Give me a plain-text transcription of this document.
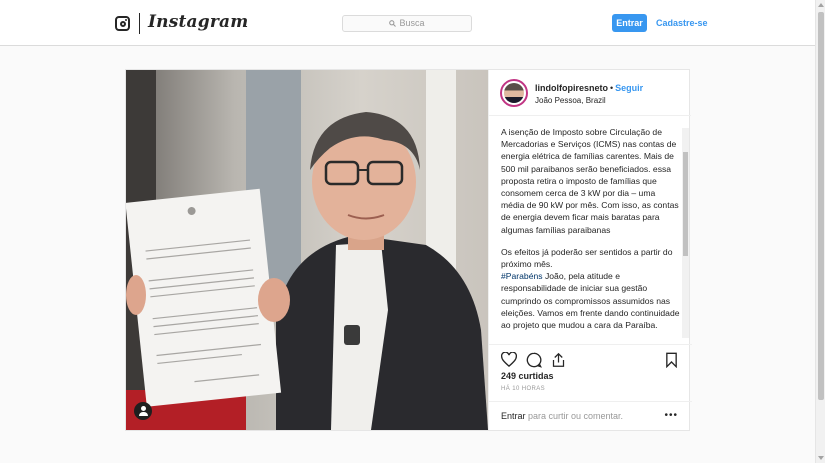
Instagram	Busca	Entrar	Cadastre-se
lindolfopiresneto • Seguir
João Pessoa, Brazil

A isenção de Imposto sobre Circulação de Mercadorias e Serviços (ICMS) nas contas de energia elétrica de famílias carentes. Mais de 500 mil paraibanos serão beneficiados. essa proposta retira o imposto de famílias que consomem cerca de 3 kW por dia – uma média de 90 kW por mês. Com isso, as contas de energia devem ficar mais baratas para algumas famílias paraibanas

Os efeitos já poderão ser sentidos a partir do próximo mês.
#Parabéns João, pela atitude e responsabilidade de iniciar sua gestão cumprindo os compromissos assumidos nas eleições. Vamos em frente dando continuidade ao projeto que mudou a cara da Paraíba.

249 curtidas
HÁ 10 HORAS
Entrar para curtir ou comentar.	•••
